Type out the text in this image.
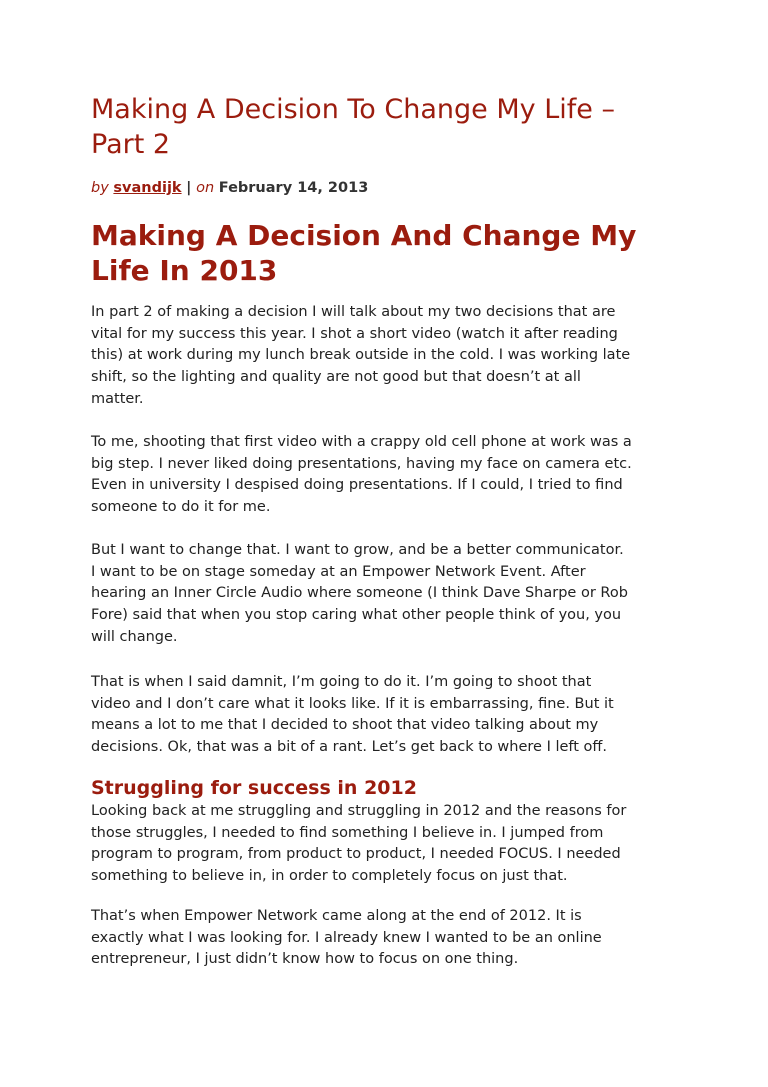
Making A Decision To Change My Life –
Part 2
by svandijk | on February 14, 2013
Making A Decision And Change My
Life In 2013
In part 2 of making a decision I will talk about my two decisions that are
vital for my success this year. I shot a short video (watch it after reading
this) at work during my lunch break outside in the cold. I was working late
shift, so the lighting and quality are not good but that doesn’t at all
matter.
To me, shooting that first video with a crappy old cell phone at work was a
big step. I never liked doing presentations, having my face on camera etc.
Even in university I despised doing presentations. If I could, I tried to find
someone to do it for me.
But I want to change that. I want to grow, and be a better communicator.
I want to be on stage someday at an Empower Network Event. After
hearing an Inner Circle Audio where someone (I think Dave Sharpe or Rob
Fore) said that when you stop caring what other people think of you, you
will change.
That is when I said damnit, I’m going to do it. I’m going to shoot that
video and I don’t care what it looks like. If it is embarrassing, fine. But it
means a lot to me that I decided to shoot that video talking about my
decisions. Ok, that was a bit of a rant. Let’s get back to where I left off.
Struggling for success in 2012
Looking back at me struggling and struggling in 2012 and the reasons for
those struggles, I needed to find something I believe in. I jumped from
program to program, from product to product, I needed FOCUS. I needed
something to believe in, in order to completely focus on just that.
That’s when Empower Network came along at the end of 2012. It is
exactly what I was looking for. I already knew I wanted to be an online
entrepreneur, I just didn’t know how to focus on one thing.
